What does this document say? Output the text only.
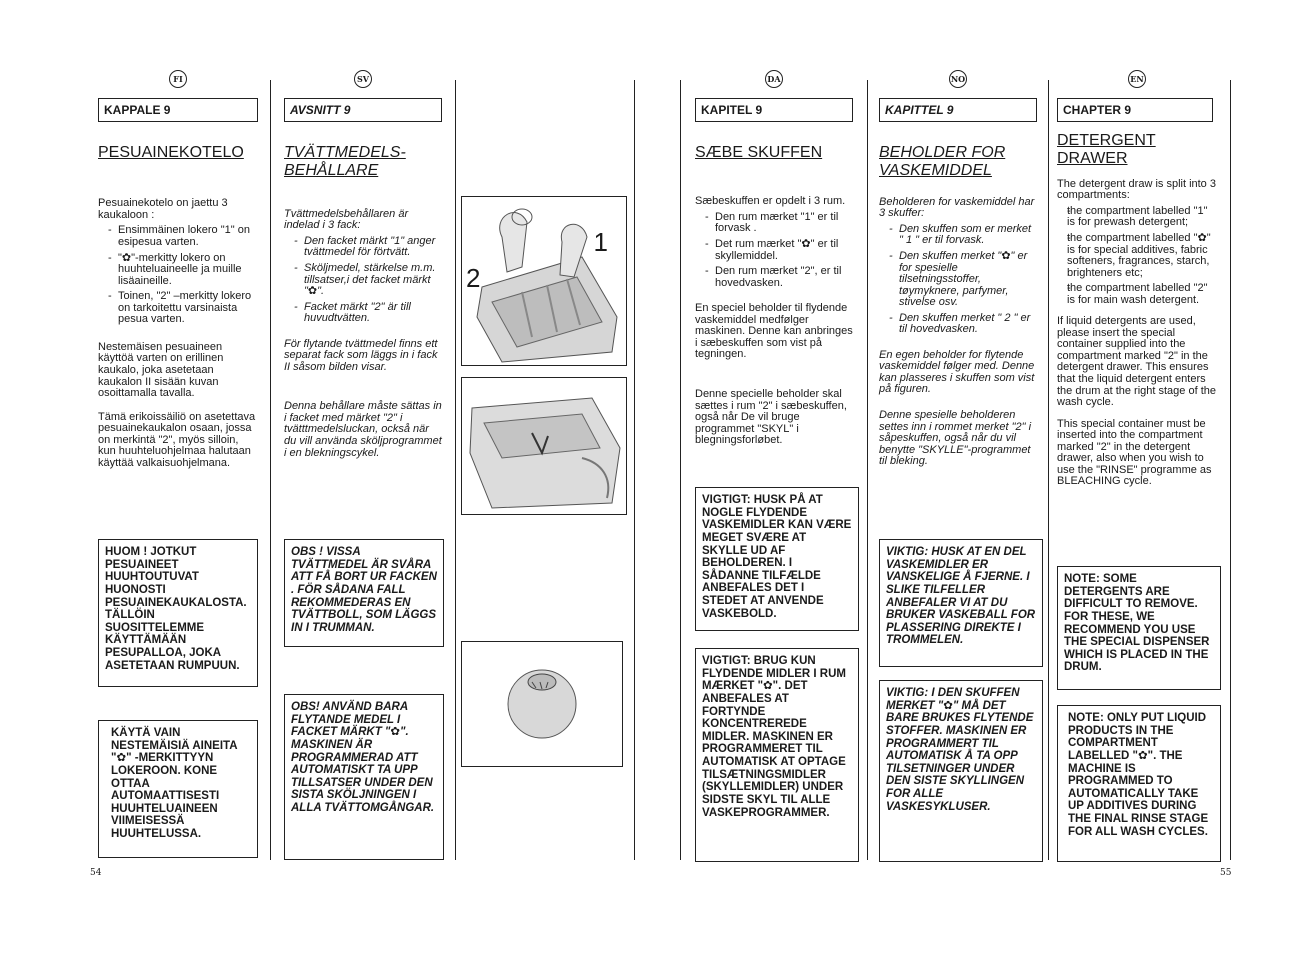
FI
KAPPALE 9
PESUAINEKOTELO

Pesuainekotelo on jaettu 3 kaukaloon :

- Ensimmäinen lokero "1" on esipesua varten.
- "✿"-merkitty lokero on huuhteluaineelle ja muille lisäaineille.
- Toinen, "2" –merkitty lokero on tarkoitettu varsinaista pesua varten.

Nestemäisen pesuaineen käyttöä varten on erillinen kaukalo, joka asetetaan kaukalon II sisään kuvan osoittamalla tavalla.

Tämä erikoissäiliö on asetettava pesuainekaukalon osaan, jossa on merkintä "2", myös silloin, kun huuhteluohjelmaa halutaan käyttää valkaisuohjelmana.

HUOM ! JOTKUT PESUAINEET HUUHTOUTUVAT HUONOSTI PESUAINEKAUKALOSTA. TÄLLÖIN SUOSITTELEMME KÄYTTÄMÄÄN PESUPALLOA, JOKA ASETETAAN RUMPUUN.
KÄYTÄ VAIN NESTEMÄISIÄ AINEITA "✿" -MERKITTYYN LOKEROON. KONE OTTAA AUTOMAATTISESTI HUUHTELUAINEEN VIIMEISESSÄ HUUHTELUSSA.
SV
AVSNITT 9
TVÄTTMEDELS-BEHÅLLARE

Tvättmedelsbehållaren är indelad i 3 fack:

- Den facket märkt "1" anger tvättmedel för förtvätt.
- Sköljmedel, stärkelse m.m. tillsatser,i det facket märkt "✿".
- Facket märkt "2" är till huvudtvätten.

För flytande tvättmedel finns ett separat fack som läggs in i fack II såsom bilden visar.

Denna behållare måste sättas in i facket med märket "2" i tvätttmedelsluckan, också när du vill använda sköljprogrammet i en blekningscykel.

OBS ! VISSA TVÄTTMEDEL ÄR SVÅRA ATT FÅ BORT UR FACKEN . FÖR SÅDANA FALL REKOMMEDERAS EN TVÄTTBOLL, SOM LÄGGS IN I TRUMMAN.
OBS! ANVÄND BARA FLYTANDE MEDEL I FACKET MÄRKT "✿". MASKINEN ÄR PROGRAMMERAD ATT AUTOMATISKT TA UPP TILLSATSER UNDER DEN SISTA SKÖLJNINGEN I ALLA TVÄTTOMGÅNGAR.
1
2
DA
KAPITEL 9
SÆBE SKUFFEN

Sæbeskuffen er opdelt i 3 rum.

- Den rum mærket "1" er til forvask .
- Det rum mærket "✿" er til skyllemiddel.
- Den rum mærket "2", er til hovedvasken.

En speciel beholder til flydende vaskemiddel medfølger maskinen. Denne kan anbringes i sæbeskuffen som vist på tegningen.

Denne specielle beholder skal sættes i rum "2" i sæbeskuffen, også når De vil bruge programmet "SKYL" i blegningsforløbet.

VIGTIGT: HUSK PÅ AT NOGLE FLYDENDE VASKEMIDLER KAN VÆRE MEGET SVÆRE AT SKYLLE UD AF BEHOLDEREN. I SÅDANNE TILFÆLDE ANBEFALES DET I STEDET AT ANVENDE VASKEBOLD.
VIGTIGT: BRUG KUN FLYDENDE MIDLER I RUM MÆRKET "✿". DET ANBEFALES AT FORTYNDE KONCENTREREDE MIDLER. MASKINEN ER PROGRAMMERET TIL AUTOMATISK AT OPTAGE TILSÆTNINGSMIDLER (SKYLLEMIDLER) UNDER SIDSTE SKYL TIL ALLE VASKEPROGRAMMER.
NO
KAPITTEL 9
BEHOLDER FOR VASKEMIDDEL

Beholderen for vaskemiddel har 3 skuffer:

- Den skuffen som er merket " 1 " er til forvask.
- Den skuffen merket "✿" er for spesielle tilsetningsstoffer, tøymyknere, parfymer, stivelse osv.
- Den skuffen merket " 2 " er til hovedvasken.

En egen beholder for flytende vaskemiddel følger med. Denne kan plasseres i skuffen som vist på figuren.

Denne spesielle beholderen settes inn i rommet merket "2" i såpeskuffen, også når du vil benytte "SKYLLE"-programmet til bleking.

VIKTIG: HUSK AT EN DEL VASKEMIDLER ER VANSKELIGE Å FJERNE. I SLIKE TILFELLER ANBEFALER VI AT DU BRUKER VASKEBALL FOR PLASSERING DIREKTE I TROMMELEN.
VIKTIG: I DEN SKUFFEN MERKET "✿" MÅ DET BARE BRUKES FLYTENDE STOFFER. MASKINEN ER PROGRAMMERT TIL AUTOMATISK Å TA OPP TILSETNINGER UNDER DEN SISTE SKYLLINGEN FOR ALLE VASKESYKLUSER.
EN
CHAPTER 9
DETERGENT DRAWER

The detergent draw is split into 3 compartments:

- the compartment labelled "1" is for prewash detergent;
- the compartment labelled "✿" is for special additives, fabric softeners, fragrances, starch, brighteners etc;
- the compartment labelled "2" is for main wash detergent.

If liquid detergents are used, please insert the special container supplied into the compartment marked "2" in the detergent drawer. This ensures that the liquid detergent enters the drum at the right stage of the wash cycle.

This special container must be inserted into the compartment marked "2" in the detergent drawer, also when you wish to use the "RINSE" programme as BLEACHING cycle.

NOTE: SOME DETERGENTS ARE DIFFICULT TO REMOVE. FOR THESE, WE RECOMMEND YOU USE THE SPECIAL DISPENSER WHICH IS PLACED IN THE DRUM.
NOTE: ONLY PUT LIQUID PRODUCTS IN THE COMPARTMENT LABELLED "✿". THE MACHINE IS PROGRAMMED TO AUTOMATICALLY TAKE UP ADDITIVES DURING THE FINAL RINSE STAGE FOR ALL WASH CYCLES.
54	55
